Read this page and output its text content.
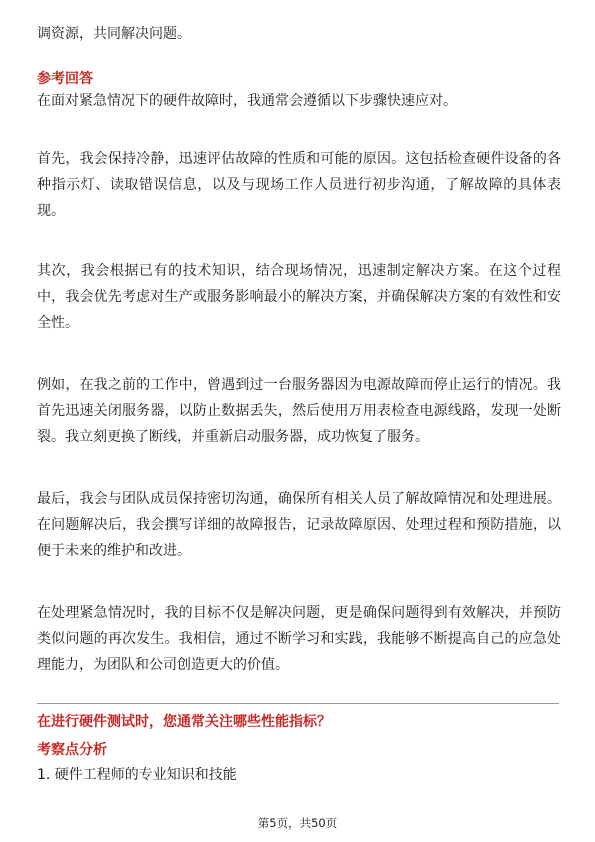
调资源，共同解决问题。

参考回答

在面对紧急情况下的硬件故障时，我通常会遵循以下步骤快速应对。

首先，我会保持冷静，迅速评估故障的性质和可能的原因。这包括检查硬件设备的各种指示灯、读取错误信息，以及与现场工作人员进行初步沟通，了解故障的具体表现。

其次，我会根据已有的技术知识，结合现场情况，迅速制定解决方案。在这个过程中，我会优先考虑对生产或服务影响最小的解决方案，并确保解决方案的有效性和安全性。

例如，在我之前的工作中，曾遇到过一台服务器因为电源故障而停止运行的情况。我首先迅速关闭服务器，以防止数据丢失，然后使用万用表检查电源线路，发现一处断裂。我立刻更换了断线，并重新启动服务器，成功恢复了服务。

最后，我会与团队成员保持密切沟通，确保所有相关人员了解故障情况和处理进展。在问题解决后，我会撰写详细的故障报告，记录故障原因、处理过程和预防措施，以便于未来的维护和改进。

在处理紧急情况时，我的目标不仅是解决问题，更是确保问题得到有效解决，并预防类似问题的再次发生。我相信，通过不断学习和实践，我能够不断提高自己的应急处理能力，为团队和公司创造更大的价值。

在进行硬件测试时，您通常关注哪些性能指标？

考察点分析

1. 硬件工程师的专业知识和技能

第5页，共50页
